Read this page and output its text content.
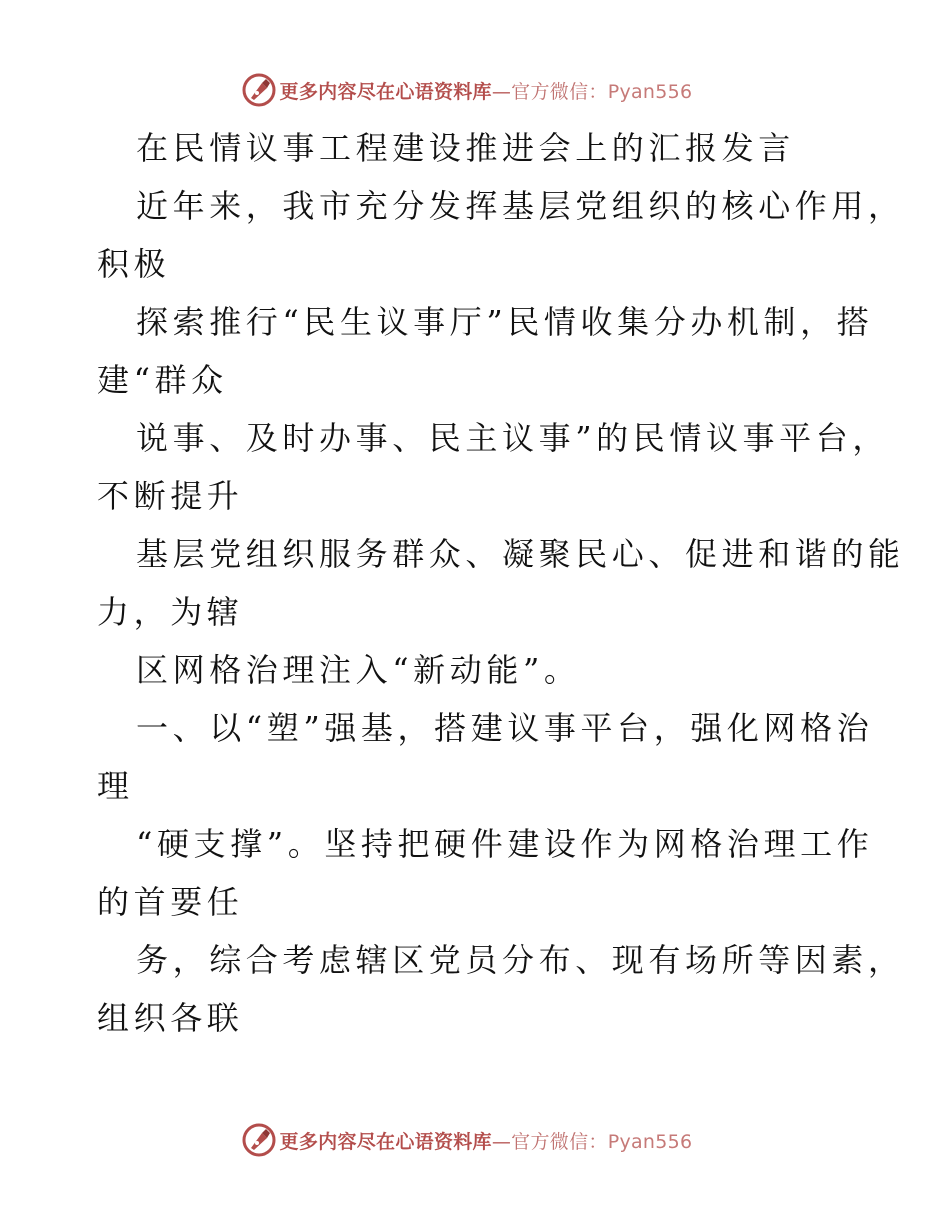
更多内容尽在心语资料库—官方微信：Pyan556
在民情议事工程建设推进会上的汇报发言
近年来，我市充分发挥基层党组织的核心作用，
积极
探索推行“民生议事厅”民情收集分办机制，搭
建“群众
说事、及时办事、民主议事”的民情议事平台，
不断提升
基层党组织服务群众、凝聚民心、促进和谐的能
力，为辖
区网格治理注入“新动能”。
一、以“塑”强基，搭建议事平台，强化网格治
理
“硬支撑”。坚持把硬件建设作为网格治理工作
的首要任
务，综合考虑辖区党员分布、现有场所等因素，
组织各联
更多内容尽在心语资料库—官方微信：Pyan556
